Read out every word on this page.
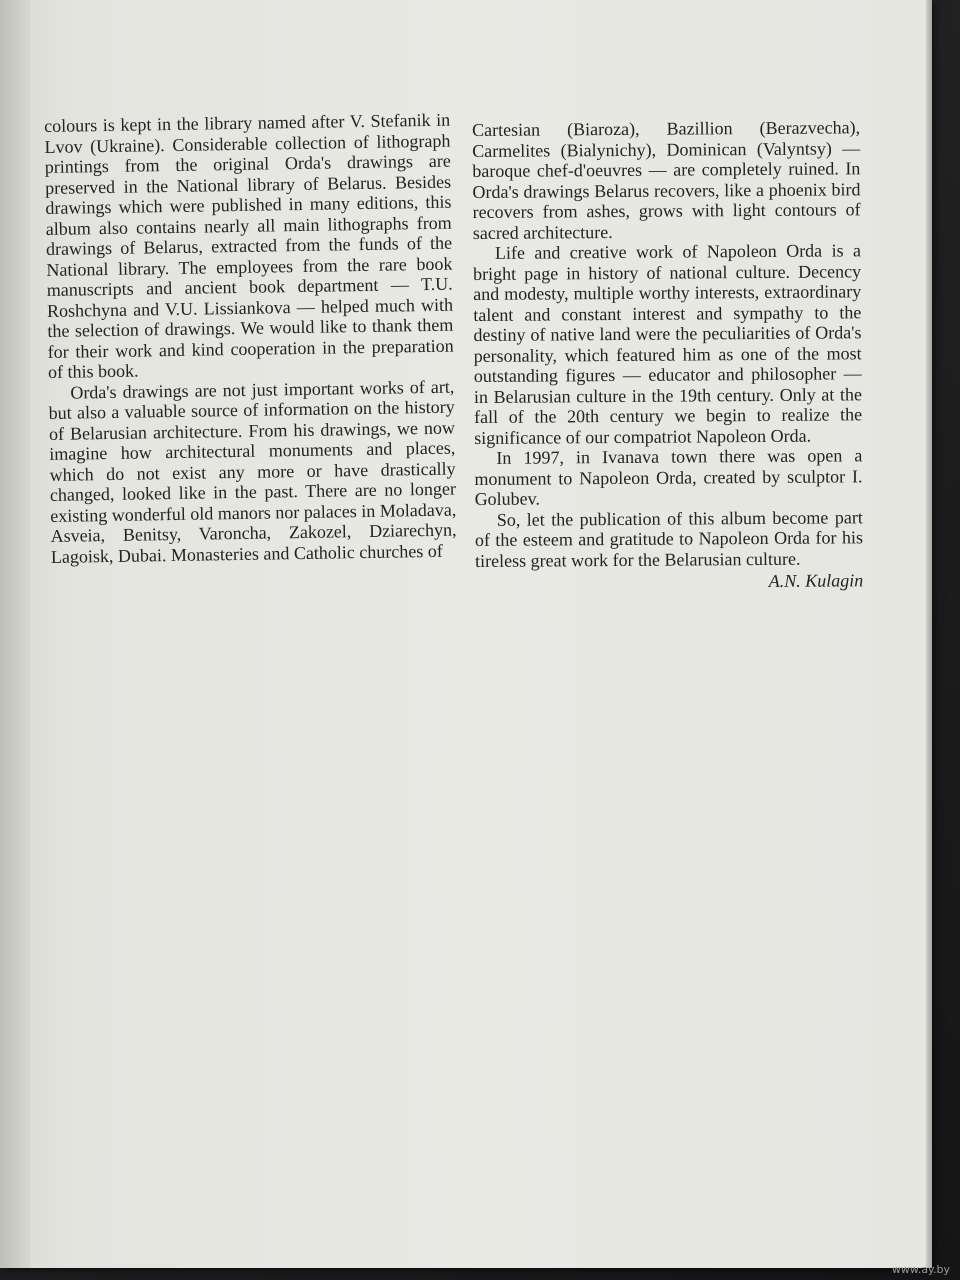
colours is kept in the library named after V. Stefanik in Lvov (Ukraine). Considerable collection of lithograph printings from the original Orda's drawings are preserved in the National library of Belarus. Besides drawings which were published in many editions, this album also contains nearly all main lithographs from drawings of Belarus, extracted from the funds of the National library. The employees from the rare book manuscripts and ancient book department — T.U. Roshchyna and V.U. Lissiankova — helped much with the selection of drawings. We would like to thank them for their work and kind cooperation in the preparation of this book.

Orda's drawings are not just important works of art, but also a valuable source of information on the history of Belarusian architecture. From his drawings, we now imagine how architectural monuments and places, which do not exist any more or have drastically changed, looked like in the past. There are no longer existing wonderful old manors nor palaces in Moladava, Asveia, Benitsy, Varoncha, Zakozel, Dziarechyn, Lagoisk, Dubai. Monasteries and Catholic churches of

Cartesian (Biaroza), Bazillion (Berazvecha), Carmelites (Bialynichy), Dominican (Valyntsy) — baroque chef-d'oeuvres — are completely ruined. In Orda's drawings Belarus recovers, like a phoenix bird recovers from ashes, grows with light contours of sacred architecture.

Life and creative work of Napoleon Orda is a bright page in history of national culture. Decency and modesty, multiple worthy interests, extraordinary talent and constant interest and sympathy to the destiny of native land were the peculiarities of Orda's personality, which featured him as one of the most outstanding figures — educator and philosopher — in Belarusian culture in the 19th century. Only at the fall of the 20th century we begin to realize the significance of our compatriot Napoleon Orda.

In 1997, in Ivanava town there was open a monument to Napoleon Orda, created by sculptor I. Golubev.

So, let the publication of this album become part of the esteem and gratitude to Napoleon Orda for his tireless great work for the Belarusian culture.

A.N. Kulagin

www.ay.by
